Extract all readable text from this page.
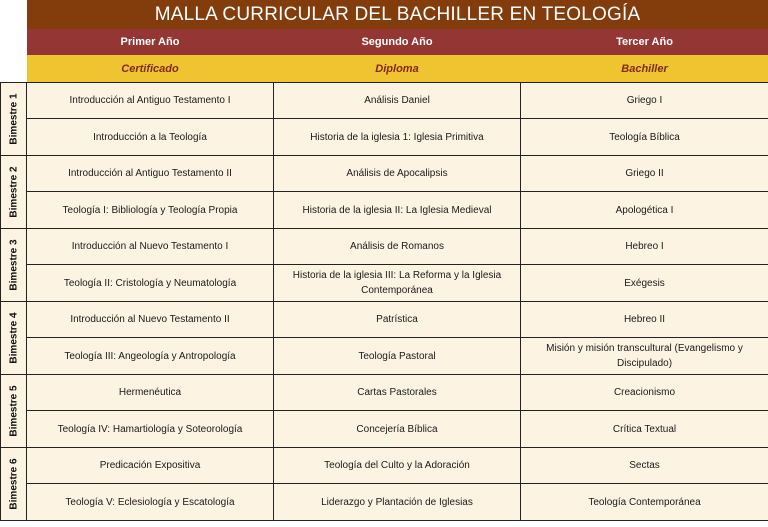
	MALLA CURRICULAR DEL BACHILLER EN TEOLOGÍA		
	Primer Año	Segundo Año	Tercer Año
	Certificado	Diploma	Bachiller

Bimestre 1	Introducción al Antiguo Testamento I	Análisis Daniel	Griego I
	Introducción a la Teología	Historia de la iglesia 1: Iglesia Primitiva	Teología Bíblica

Bimestre 2	Introducción al Antiguo Testamento II	Análisis de Apocalipsis	Griego II
	Teología I: Bibliología y Teología Propia	Historia de la iglesia II: La Iglesia Medieval	Apologética I

Bimestre 3	Introducción al Nuevo Testamento I	Análisis de Romanos	Hebreo I
	Teología II: Cristología y Neumatología	Historia de la iglesia III: La Reforma y la Iglesia Contemporánea	Exégesis

Bimestre 4	Introducción al Nuevo Testamento II	Patrística	Hebreo II
	Teología III: Angeología y Antropología	Teología Pastoral	Misión y misión transcultural (Evangelismo y Discipulado)

Bimestre 5	Hermenéutica	Cartas Pastorales	Creacionismo
	Teología IV: Hamartiología y Soteorología	Concejería Bíblica	Crítica Textual

Bimestre 6	Predicación Expositiva	Teología del Culto y la Adoración	Sectas
	Teología V: Eclesiología y Escatología	Liderazgo y Plantación de Iglesias	Teología Contemporánea
